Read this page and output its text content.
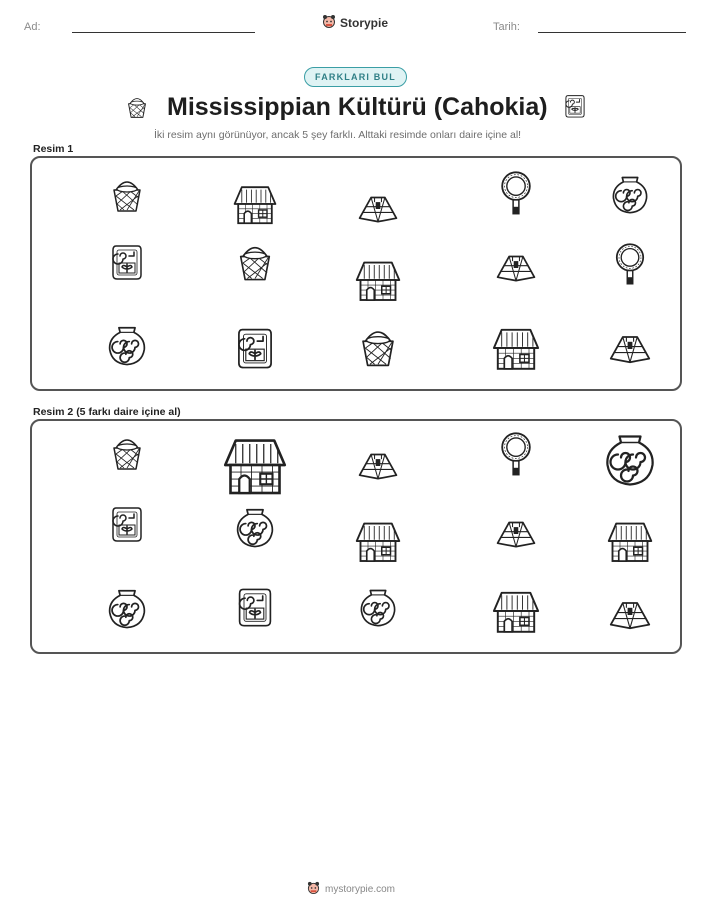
Ad:	Storypie	Tarih:
FARKLARI BUL
Mississippian Kültürü (Cahokia)
İki resim aynı görünüyor, ancak 5 şey farklı. Alttaki resimde onları daire içine al!
Resim 1
Resim 2 (5 farkı daire içine al)
mystorypie.com
